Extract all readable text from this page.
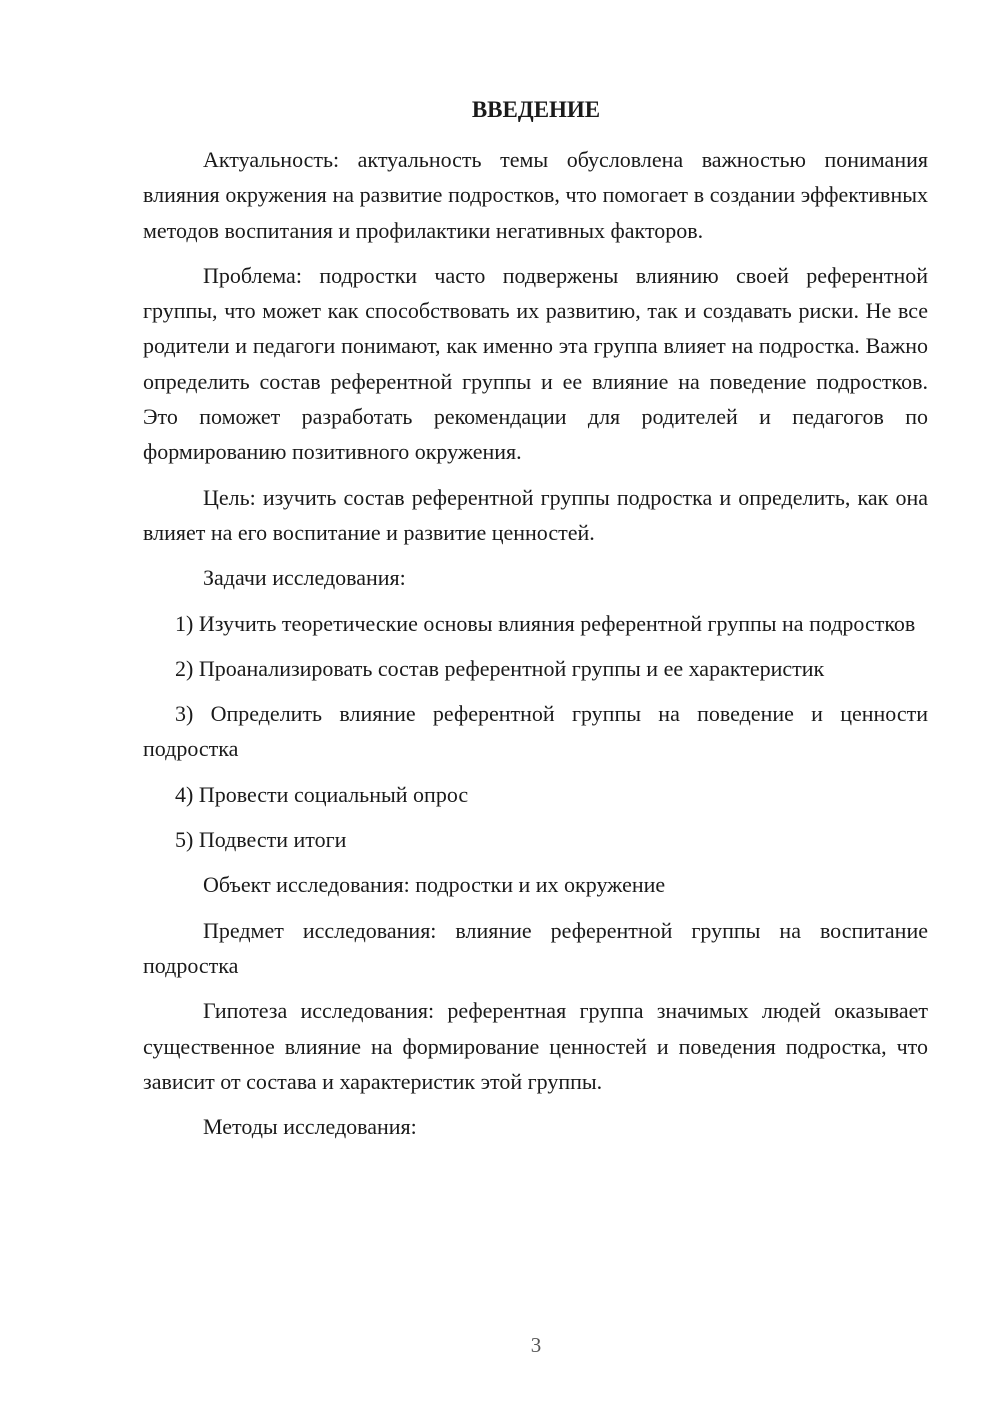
ВВЕДЕНИЕ

Актуальность: актуальность темы обусловлена важностью понимания влияния окружения на развитие подростков, что помогает в создании эффективных методов воспитания и профилактики негативных факторов.

Проблема: подростки часто подвержены влиянию своей референтной группы, что может как способствовать их развитию, так и создавать риски. Не все родители и педагоги понимают, как именно эта группа влияет на подростка. Важно определить состав референтной группы и ее влияние на поведение подростков. Это поможет разработать рекомендации для родителей и педагогов по формированию позитивного окружения.

Цель: изучить состав референтной группы подростка и определить, как она влияет на его воспитание и развитие ценностей.

Задачи исследования:

1) Изучить теоретические основы влияния референтной группы на подростков

2) Проанализировать состав референтной группы и ее характеристик

3) Определить влияние референтной группы на поведение и ценности подростка

4) Провести социальный опрос

5) Подвести итоги

Объект исследования: подростки и их окружение

Предмет исследования: влияние референтной группы на воспитание подростка

Гипотеза исследования: референтная группа значимых людей оказывает существенное влияние на формирование ценностей и поведения подростка, что зависит от состава и характеристик этой группы.

Методы исследования:

3
